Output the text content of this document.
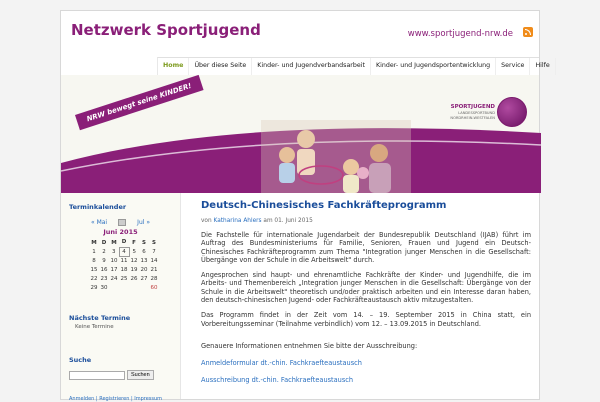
Netzwerk Sportjugend	www.sportjugend-nrw.de
Home	Über diese Seite	Kinder- und Jugendverbandsarbeit	Kinder- und Jugendsportentwicklung	Service	Hilfe
NRW bewegt seine KINDER!	SPORTJUGEND
LANDESSPORTBUND
NORDRHEIN-WESTFALEN
Terminkalender
« Mai	Jul »
Juni 2015
M	D	M	D	F	S	S
1	2	3	4	5	6	7
8	9	10	11	12	13	14
15	16	17	18	19	20	21
22	23	24	25	26	27	28
29	30					60
Nächste Termine
Keine Termine
Suche
Suchen
Anmelden | Registrieren | Impressum
Deutsch-Chinesisches Fachkräfteprogramm
von Katharina Ahlers am 01. Juni 2015

Die Fachstelle für internationale Jugendarbeit der Bundesrepublik Deutschland (IJAB) führt im Auftrag des Bundesministeriums für Familie, Senioren, Frauen und Jugend ein Deutsch-Chinesisches Fachkräfteprogramm zum Thema "Integration junger Menschen in die Gesellschaft: Übergänge von der Schule in die Arbeitswelt" durch.

Angesprochen sind haupt- und ehrenamtliche Fachkräfte der Kinder- und Jugendhilfe, die im Arbeits- und Themenbereich „Integration junger Menschen in die Gesellschaft: Übergänge von der Schule in die Arbeitswelt" theoretisch und/oder praktisch arbeiten und ein Interesse daran haben, den deutsch-chinesischen Jugend- oder Fachkräfteaustausch aktiv mitzugestalten.

Das Programm findet in der Zeit vom 14. – 19. September 2015 in China statt, ein Vorbereitungsseminar (Teilnahme verbindlich) vom 12. – 13.09.2015 in Deutschland.

Genauere Informationen entnehmen Sie bitte der Ausschreibung:

Anmeldeformular dt.-chin. Fachkraefteaustausch
Ausschreibung dt.-chin. Fachkraefteaustausch
